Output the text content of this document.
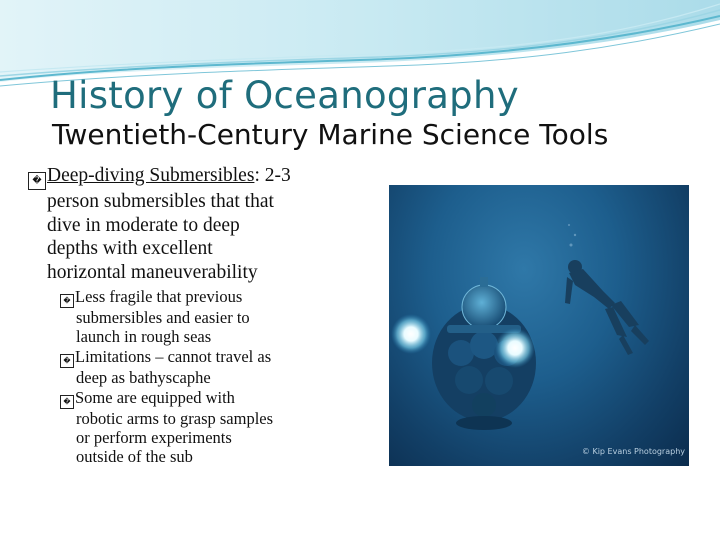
History of Oceanography
Twentieth-Century Marine Science Tools
� Deep-diving Submersibles: 2-3
person submersibles that that
dive in moderate to deep
depths with excellent
horizontal maneuverability
� Less fragile that previous
submersibles and easier to
launch in rough seas
� Limitations – cannot travel as
deep as bathyscaphe
� Some are equipped with
robotic arms to grasp samples
or perform experiments
outside of the sub	© Kip Evans Photography
